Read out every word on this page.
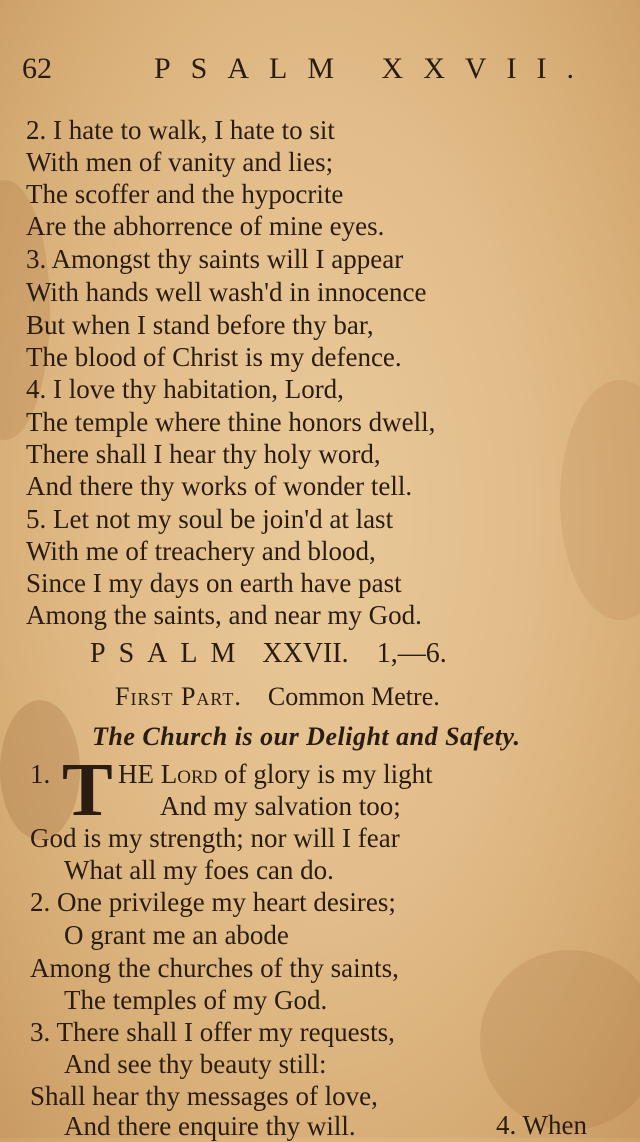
62	PSALM XXVII.
2. I hate to walk, I hate to sit
With men of vanity and lies;
The scoffer and the hypocrite
Are the abhorrence of mine eyes.
3. Amongst thy saints will I appear
With hands well wash'd in innocence
But when I stand before thy bar,
The blood of Christ is my defence.
4. I love thy habitation, Lord,
The temple where thine honors dwell,
There shall I hear thy holy word,
And there thy works of wonder tell.
5. Let not my soul be join'd at last
With me of treachery and blood,
Since I my days on earth have past
Among the saints, and near my God.
PSALM XXVII. 1,—6.
First Part. Common Metre.
The Church is our Delight and Safety.
1. T HE Lord of glory is my light
And my salvation too;
God is my strength; nor will I fear
What all my foes can do.
2. One privilege my heart desires;
O grant me an abode
Among the churches of thy saints,
The temples of my God.
3. There shall I offer my requests,
And see thy beauty still:
Shall hear thy messages of love,
And there enquire thy will.	4. When
